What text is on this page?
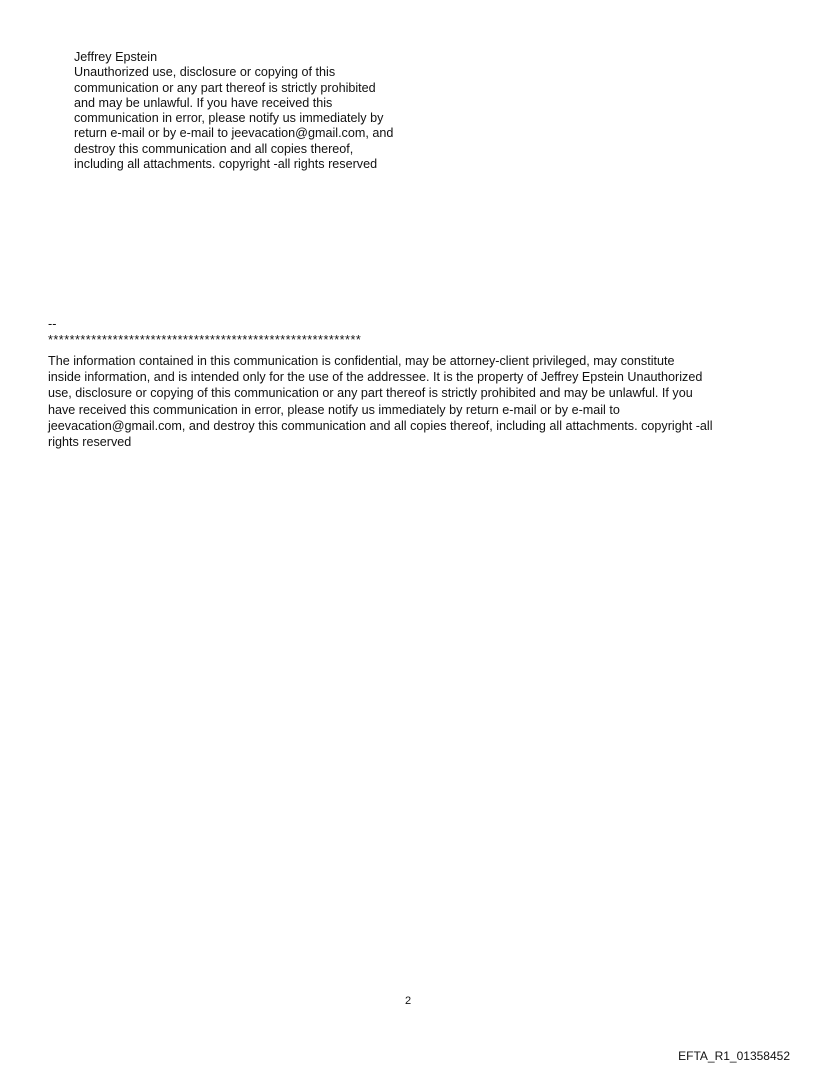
Jeffrey Epstein
Unauthorized use, disclosure or copying of this
communication or any part thereof is strictly prohibited
and may be unlawful. If you have received this
communication in error, please notify us immediately by
return e-mail or by e-mail to jeevacation@gmail.com, and
destroy this communication and all copies thereof,
including all attachments. copyright -all rights reserved
--
**********************************************************
The information contained in this communication is confidential, may be attorney-client privileged, may constitute
inside information, and is intended only for the use of the addressee. It is the property of Jeffrey Epstein Unauthorized
use, disclosure or copying of this communication or any part thereof is strictly prohibited and may be unlawful. If you
have received this communication in error, please notify us immediately by return e-mail or by e-mail to
jeevacation@gmail.com, and destroy this communication and all copies thereof, including all attachments. copyright -all
rights reserved
2
EFTA_R1_01358452
